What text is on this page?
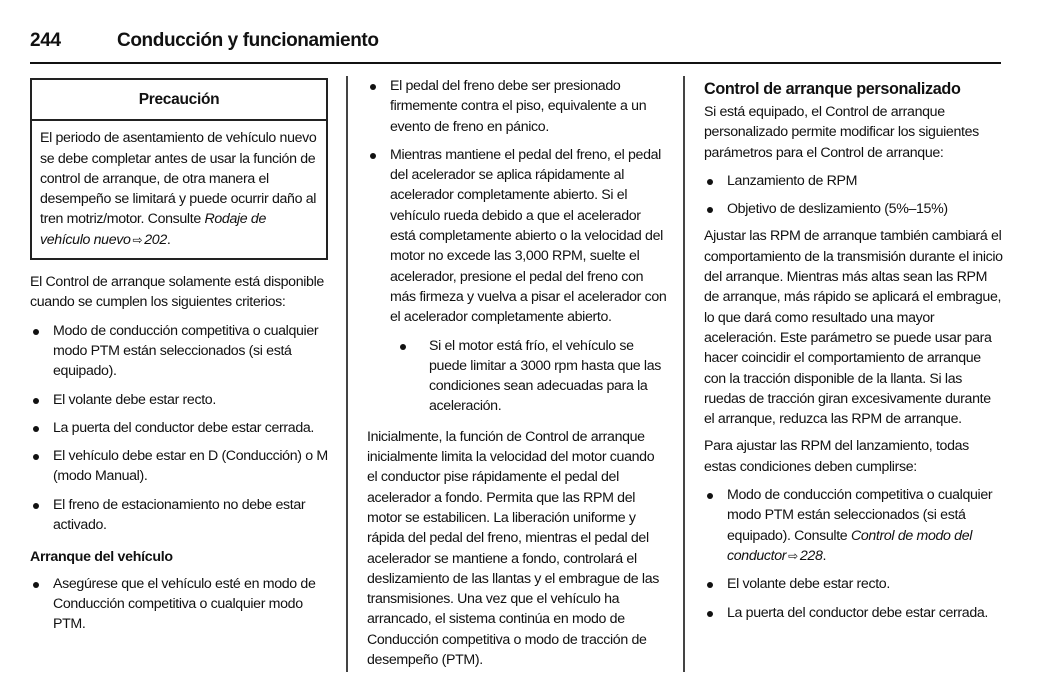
244	Conducción y funcionamiento
Precaución
El periodo de asentamiento de vehículo nuevo se debe completar antes de usar la función de control de arranque, de otra manera el desempeño se limitará y puede ocurrir daño al tren motriz/motor. Consulte Rodaje de vehículo nuevo ⇨ 202.

El Control de arranque solamente está disponible cuando se cumplen los siguientes criterios:

Modo de conducción competitiva o cualquier modo PTM están seleccionados (si está equipado).
El volante debe estar recto.
La puerta del conductor debe estar cerrada.
El vehículo debe estar en D (Conducción) o M (modo Manual).
El freno de estacionamiento no debe estar activado.
Arranque del vehículo
Asegúrese que el vehículo esté en modo de Conducción competitiva o cualquier modo PTM.
El pedal del freno debe ser presionado firmemente contra el piso, equivalente a un evento de freno en pánico.
Mientras mantiene el pedal del freno, el pedal del acelerador se aplica rápidamente al acelerador completamente abierto. Si el vehículo rueda debido a que el acelerador está completamente abierto o la velocidad del motor no excede las 3,000 RPM, suelte el acelerador, presione el pedal del freno con más firmeza y vuelva a pisar el acelerador con el acelerador completamente abierto.
Si el motor está frío, el vehículo se puede limitar a 3000 rpm hasta que las condiciones sean adecuadas para la aceleración.

Inicialmente, la función de Control de arranque inicialmente limita la velocidad del motor cuando el conductor pise rápidamente el pedal del acelerador a fondo. Permita que las RPM del motor se estabilicen. La liberación uniforme y rápida del pedal del freno, mientras el pedal del acelerador se mantiene a fondo, controlará el deslizamiento de las llantas y el embrague de las transmisiones. Una vez que el vehículo ha arrancado, el sistema continúa en modo de Conducción competitiva o modo de tracción de desempeño (PTM).

Control de arranque personalizado

Si está equipado, el Control de arranque personalizado permite modificar los siguientes parámetros para el Control de arranque:

Lanzamiento de RPM
Objetivo de deslizamiento (5%–15%)

Ajustar las RPM de arranque también cambiará el comportamiento de la transmisión durante el inicio del arranque. Mientras más altas sean las RPM de arranque, más rápido se aplicará el embrague, lo que dará como resultado una mayor aceleración. Este parámetro se puede usar para hacer coincidir el comportamiento de arranque con la tracción disponible de la llanta. Si las ruedas de tracción giran excesivamente durante el arranque, reduzca las RPM de arranque.

Para ajustar las RPM del lanzamiento, todas estas condiciones deben cumplirse:

Modo de conducción competitiva o cualquier modo PTM están seleccionados (si está equipado). Consulte Control de modo del conductor ⇨ 228.
El volante debe estar recto.
La puerta del conductor debe estar cerrada.
